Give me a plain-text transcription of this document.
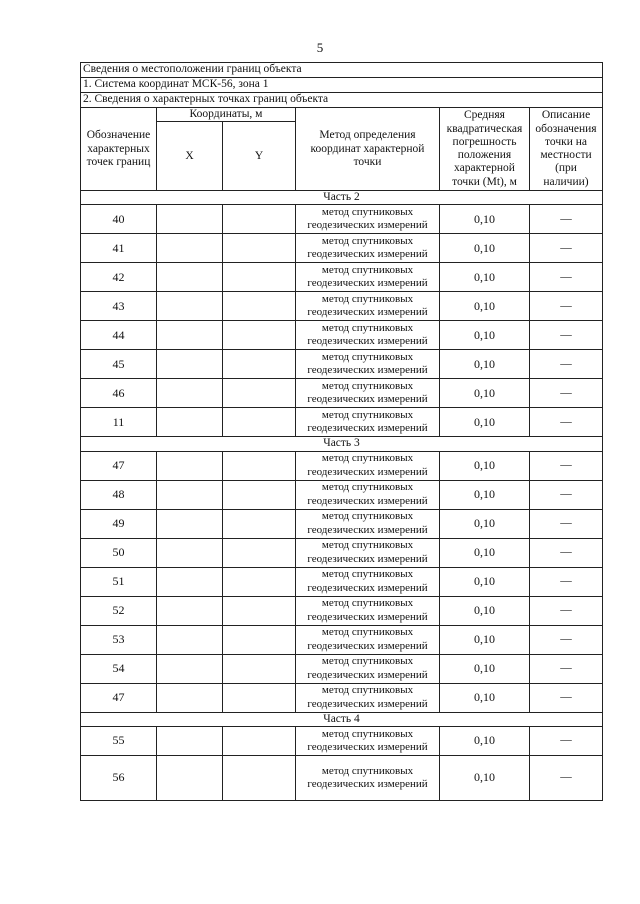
5
Сведения о местоположении границ объекта					
1. Система координат МСК-56, зона 1					
2. Сведения о характерных точках границ объекта					
Обозначение характерных точек границ	Координаты, м		Метод определения координат характерной точки	Средняя квадратическая погрешность положения характерной точки (Mt), м	Описание обозначения точки на местности (при наличии)
	X	Y			
Часть 2					
40			метод спутниковых геодезических измерений	0,10	—
41			метод спутниковых геодезических измерений	0,10	—
42			метод спутниковых геодезических измерений	0,10	—
43			метод спутниковых геодезических измерений	0,10	—
44			метод спутниковых геодезических измерений	0,10	—
45			метод спутниковых геодезических измерений	0,10	—
46			метод спутниковых геодезических измерений	0,10	—
11			метод спутниковых геодезических измерений	0,10	—
Часть 3					
47			метод спутниковых геодезических измерений	0,10	—
48			метод спутниковых геодезических измерений	0,10	—
49			метод спутниковых геодезических измерений	0,10	—
50			метод спутниковых геодезических измерений	0,10	—
51			метод спутниковых геодезических измерений	0,10	—
52			метод спутниковых геодезических измерений	0,10	—
53			метод спутниковых геодезических измерений	0,10	—
54			метод спутниковых геодезических измерений	0,10	—
47			метод спутниковых геодезических измерений	0,10	—
Часть 4					
55			метод спутниковых геодезических измерений	0,10	—
56			метод спутниковых геодезических измерений	0,10	—
